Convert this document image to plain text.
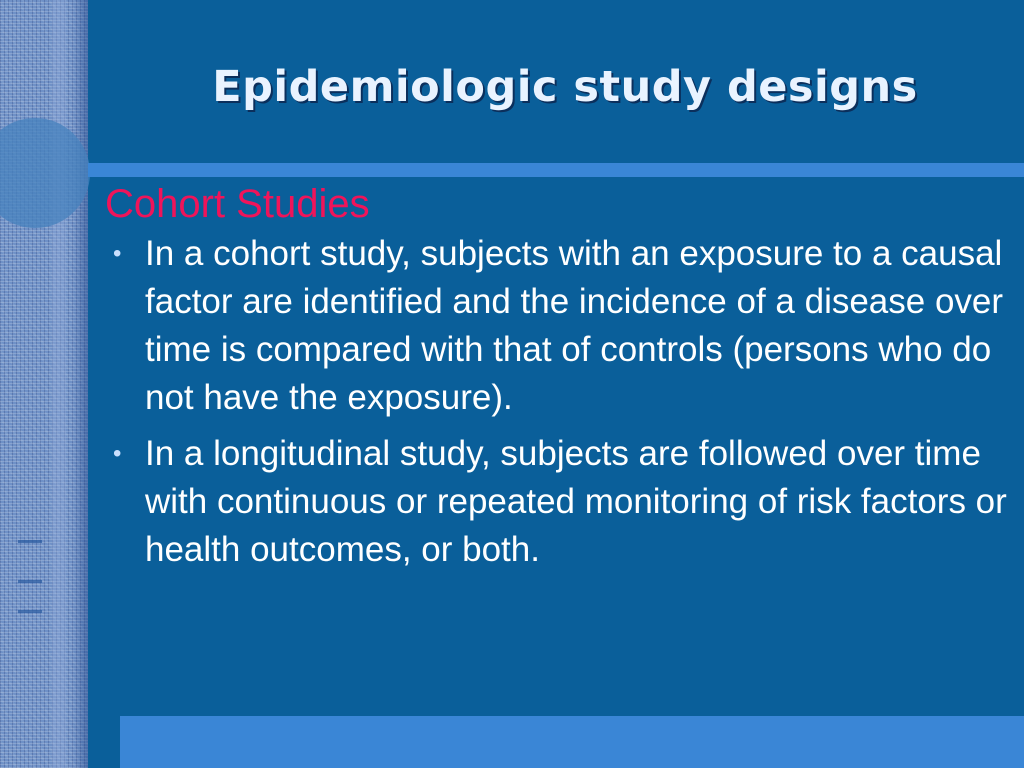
Epidemiologic study designs
Cohort Studies
• In a cohort study, subjects with an exposure to a causal factor are identified and the incidence of a disease over time is compared with that of controls (persons who do not have the exposure).
• In a longitudinal study, subjects are followed over time with continuous or repeated monitoring of risk factors or health outcomes, or both.
